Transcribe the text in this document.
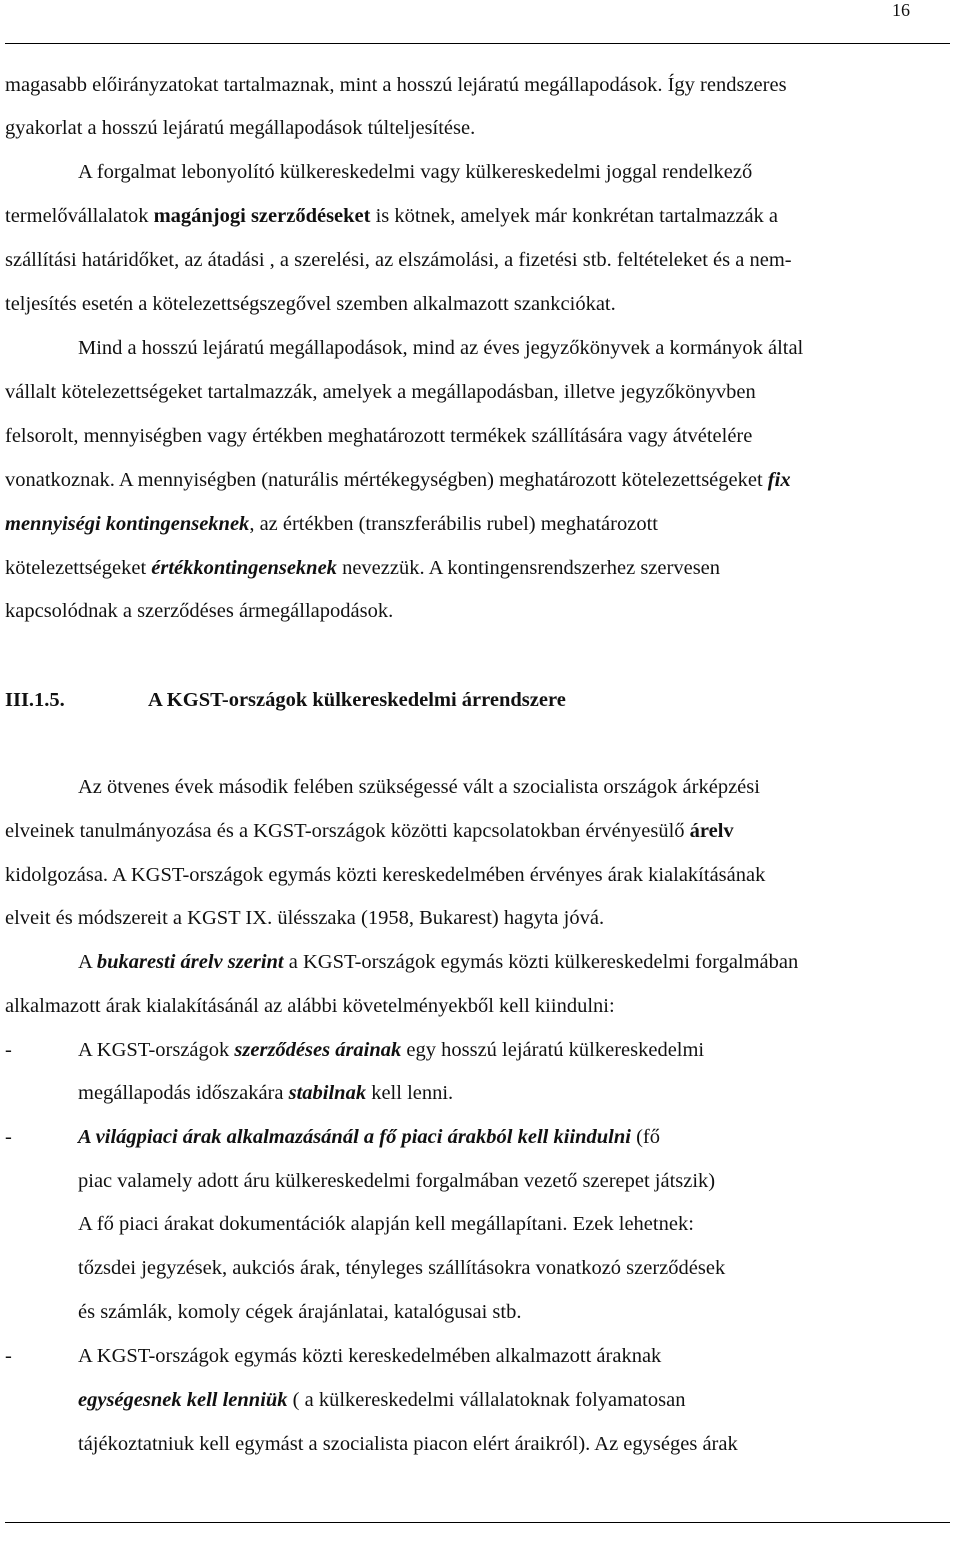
16
magasabb előirányzatokat tartalmaznak, mint a hosszú lejáratú megállapodások. Így rendszeres
gyakorlat a hosszú lejáratú megállapodások túlteljesítése.
A forgalmat lebonyolító külkereskedelmi vagy külkereskedelmi joggal rendelkező
termelővállalatok magánjogi szerződéseket is kötnek, amelyek már konkrétan tartalmazzák a
szállítási határidőket, az átadási , a szerelési, az elszámolási, a fizetési stb. feltételeket és a nem-
teljesítés esetén a kötelezettségszegővel szemben alkalmazott szankciókat.
Mind a hosszú lejáratú megállapodások, mind az éves jegyzőkönyvek a kormányok által
vállalt kötelezettségeket tartalmazzák, amelyek a megállapodásban, illetve jegyzőkönyvben
felsorolt, mennyiségben vagy értékben meghatározott termékek szállítására vagy átvételére
vonatkoznak. A mennyiségben (naturális mértékegységben) meghatározott kötelezettségeket fix
mennyiségi kontingenseknek, az értékben (transzferábilis rubel) meghatározott
kötelezettségeket értékkontingenseknek nevezzük. A kontingensrendszerhez szervesen
kapcsolódnak a szerződéses ármegállapodások.
III.1.5.	A KGST-országok külkereskedelmi árrendszere
Az ötvenes évek második felében szükségessé vált a szocialista országok árképzési
elveinek tanulmányozása és a KGST-országok közötti kapcsolatokban érvényesülő árelv
kidolgozása. A KGST-országok egymás közti kereskedelmében érvényes árak kialakításának
elveit és módszereit a KGST IX. ülésszaka (1958, Bukarest) hagyta jóvá.
A bukaresti árelv szerint a KGST-országok egymás közti külkereskedelmi forgalmában
alkalmazott árak kialakításánál az alábbi követelményekből kell kiindulni:
-	A KGST-országok szerződéses árainak egy hosszú lejáratú külkereskedelmi
megállapodás időszakára stabilnak kell lenni.
-	A világpiaci árak alkalmazásánál a fő piaci árakból kell kiindulni (fő
piac valamely adott áru külkereskedelmi forgalmában vezető szerepet játszik)
A fő piaci árakat dokumentációk alapján kell megállapítani. Ezek lehetnek:
tőzsdei jegyzések, aukciós árak, tényleges szállításokra vonatkozó szerződések
és számlák, komoly cégek árajánlatai, katalógusai stb.
-	A KGST-országok egymás közti kereskedelmében alkalmazott áraknak
egységesnek kell lenniük ( a külkereskedelmi vállalatoknak folyamatosan
tájékoztatniuk kell egymást a szocialista piacon elért áraikról). Az egységes árak
